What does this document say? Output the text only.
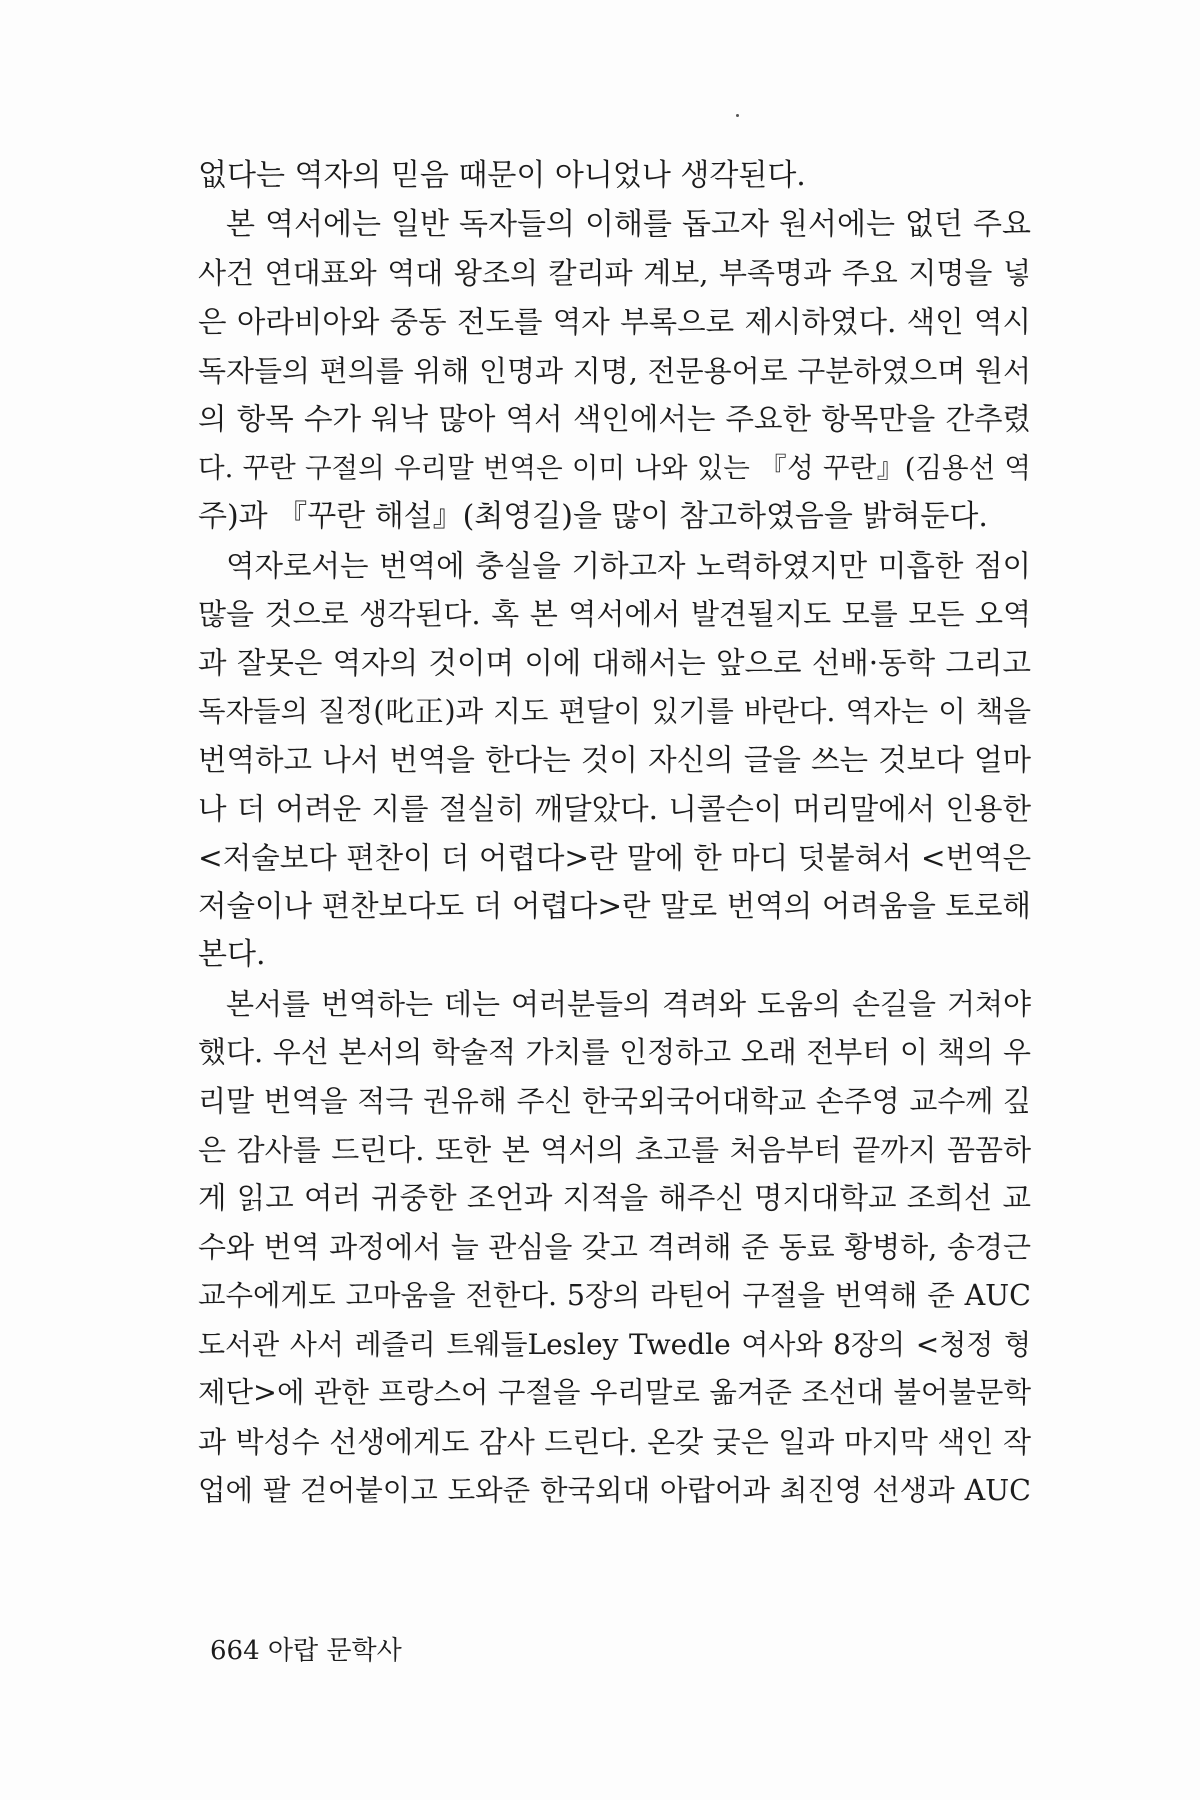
없다는 역자의 믿음 때문이 아니었나 생각된다.
본 역서에는 일반 독자들의 이해를 돕고자 원서에는 없던 주요
사건 연대표와 역대 왕조의 칼리파 계보, 부족명과 주요 지명을 넣
은 아라비아와 중동 전도를 역자 부록으로 제시하였다. 색인 역시
독자들의 편의를 위해 인명과 지명, 전문용어로 구분하였으며 원서
의 항목 수가 워낙 많아 역서 색인에서는 주요한 항목만을 간추렸
다. 꾸란 구절의 우리말 번역은 이미 나와 있는 『성 꾸란』(김용선 역
주)과 『꾸란 해설』(최영길)을 많이 참고하였음을 밝혀둔다.
역자로서는 번역에 충실을 기하고자 노력하였지만 미흡한 점이
많을 것으로 생각된다. 혹 본 역서에서 발견될지도 모를 모든 오역
과 잘못은 역자의 것이며 이에 대해서는 앞으로 선배·동학 그리고
독자들의 질정(叱正)과 지도 편달이 있기를 바란다. 역자는 이 책을
번역하고 나서 번역을 한다는 것이 자신의 글을 쓰는 것보다 얼마
나 더 어려운 지를 절실히 깨달았다. 니콜슨이 머리말에서 인용한
<저술보다 편찬이 더 어렵다>란 말에 한 마디 덧붙혀서 <번역은
저술이나 편찬보다도 더 어렵다>란 말로 번역의 어려움을 토로해
본다.
본서를 번역하는 데는 여러분들의 격려와 도움의 손길을 거쳐야
했다. 우선 본서의 학술적 가치를 인정하고 오래 전부터 이 책의 우
리말 번역을 적극 권유해 주신 한국외국어대학교 손주영 교수께 깊
은 감사를 드린다. 또한 본 역서의 초고를 처음부터 끝까지 꼼꼼하
게 읽고 여러 귀중한 조언과 지적을 해주신 명지대학교 조희선 교
수와 번역 과정에서 늘 관심을 갖고 격려해 준 동료 황병하, 송경근
교수에게도 고마움을 전한다. 5장의 라틴어 구절을 번역해 준 AUC
도서관 사서 레즐리 트웨들Lesley Twedle 여사와 8장의 <청정 형
제단>에 관한 프랑스어 구절을 우리말로 옮겨준 조선대 불어불문학
과 박성수 선생에게도 감사 드린다. 온갖 궂은 일과 마지막 색인 작
업에 팔 걷어붙이고 도와준 한국외대 아랍어과 최진영 선생과 AUC
664 아랍 문학사
